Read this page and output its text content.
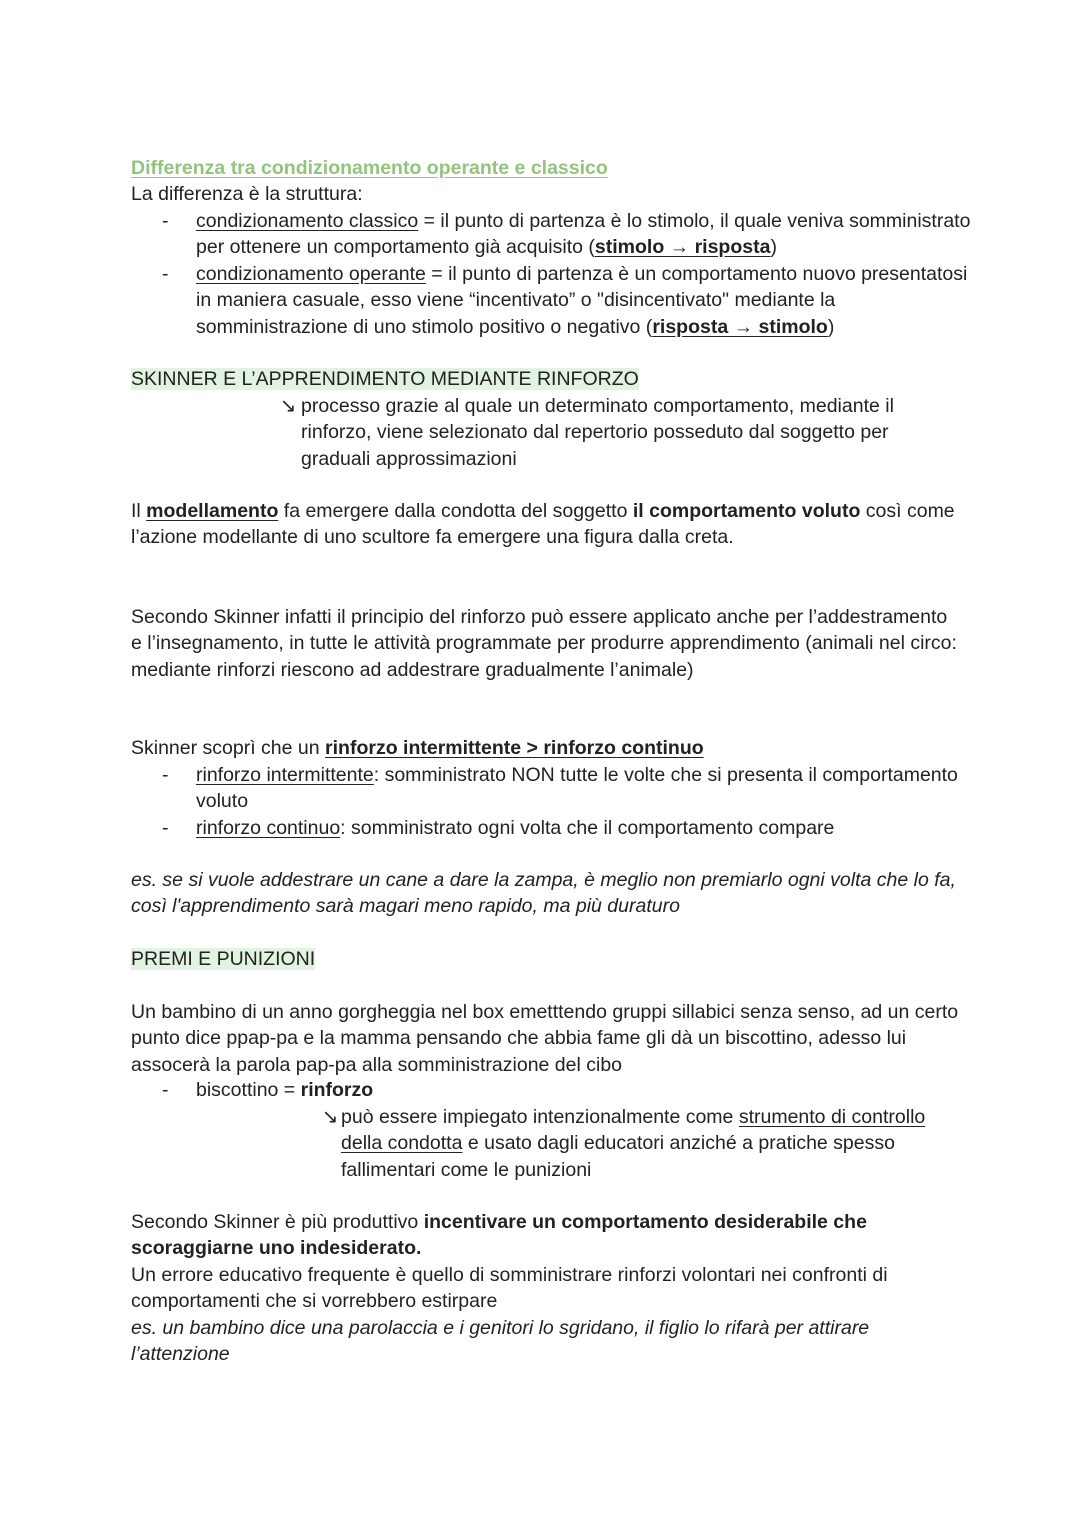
Differenza tra condizionamento operante e classico
La differenza è la struttura:
- condizionamento classico = il punto di partenza è lo stimolo, il quale veniva somministrato per ottenere un comportamento già acquisito (stimolo → risposta)
- condizionamento operante = il punto di partenza è un comportamento nuovo presentatosi in maniera casuale, esso viene “incentivato” o "disincentivato" mediante la somministrazione di uno stimolo positivo o negativo (risposta → stimolo)
SKINNER E L’APPRENDIMENTO MEDIANTE RINFORZO
↘ processo grazie al quale un determinato comportamento, mediante il rinforzo, viene selezionato dal repertorio posseduto dal soggetto per graduali approssimazioni
Il modellamento fa emergere dalla condotta del soggetto il comportamento voluto così come l’azione modellante di uno scultore fa emergere una figura dalla creta.
Secondo Skinner infatti il principio del rinforzo può essere applicato anche per l’addestramento e l’insegnamento, in tutte le attività programmate per produrre apprendimento (animali nel circo: mediante rinforzi riescono ad addestrare gradualmente l’animale)
Skinner scoprì che un rinforzo intermittente > rinforzo continuo
- rinforzo intermittente: somministrato NON tutte le volte che si presenta il comportamento voluto
- rinforzo continuo: somministrato ogni volta che il comportamento compare
es. se si vuole addestrare un cane a dare la zampa, è meglio non premiarlo ogni volta che lo fa, così l'apprendimento sarà magari meno rapido, ma più duraturo
PREMI E PUNIZIONI
Un bambino di un anno gorgheggia nel box emetttendo gruppi sillabici senza senso, ad un certo punto dice ppap-pa e la mamma pensando che abbia fame gli dà un biscottino, adesso lui assocerà la parola pap-pa alla somministrazione del cibo
- biscottino = rinforzo
↘ può essere impiegato intenzionalmente come strumento di controllo della condotta e usato dagli educatori anziché a pratiche spesso fallimentari come le punizioni
Secondo Skinner è più produttivo incentivare un comportamento desiderabile che scoraggiarne uno indesiderato.
Un errore educativo frequente è quello di somministrare rinforzi volontari nei confronti di comportamenti che si vorrebbero estirpare
es. un bambino dice una parolaccia e i genitori lo sgridano, il figlio lo rifarà per attirare l’attenzione
